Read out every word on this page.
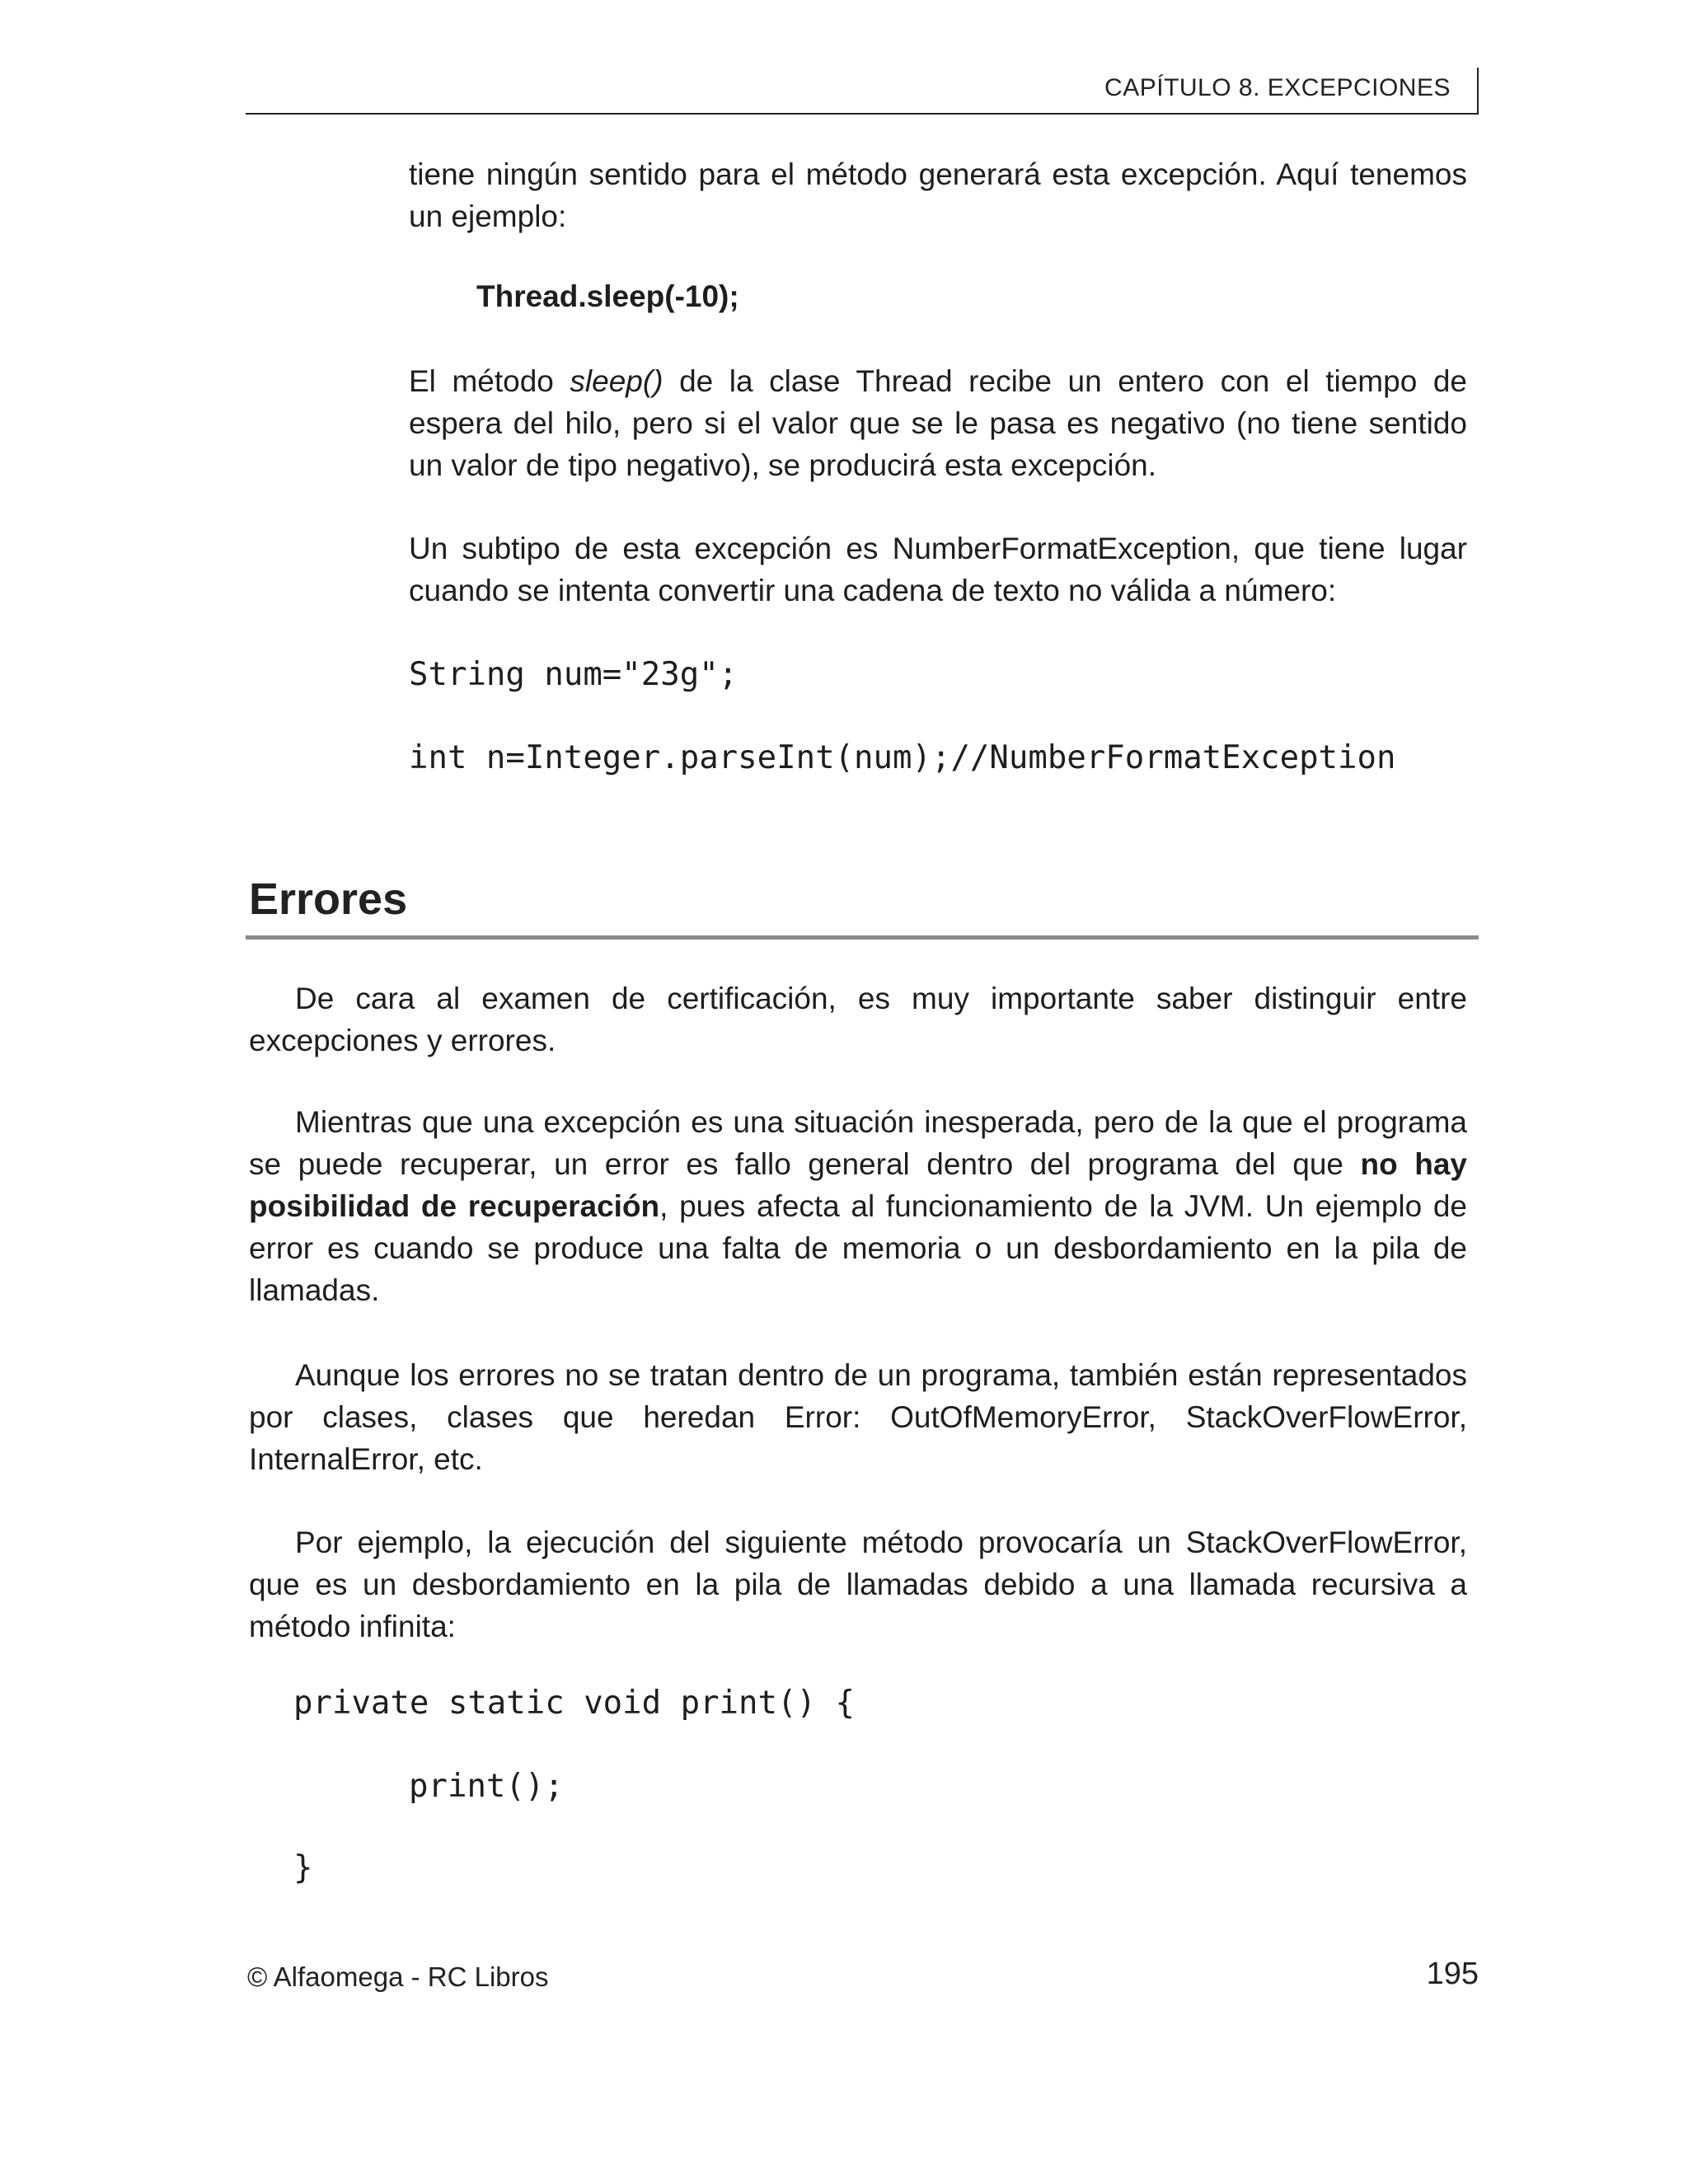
CAPÍTULO 8. EXCEPCIONES

tiene ningún sentido para el método generará esta excepción. Aquí tenemos un ejemplo:

Thread.sleep(-10);

El método sleep() de la clase Thread recibe un entero con el tiempo de espera del hilo, pero si el valor que se le pasa es negativo (no tiene sentido un valor de tipo negativo), se producirá esta excepción.

Un subtipo de esta excepción es NumberFormatException, que tiene lugar cuando se intenta convertir una cadena de texto no válida a número:

String num="23g";

int n=Integer.parseInt(num);//NumberFormatException

Errores

De cara al examen de certificación, es muy importante saber distinguir entre excepciones y errores.

Mientras que una excepción es una situación inesperada, pero de la que el programa se puede recuperar, un error es fallo general dentro del programa del que no hay posibilidad de recuperación, pues afecta al funcionamiento de la JVM. Un ejemplo de error es cuando se produce una falta de memoria o un desbordamiento en la pila de llamadas.

Aunque los errores no se tratan dentro de un programa, también están representados por clases, clases que heredan Error: OutOfMemoryError, StackOverFlowError, InternalError, etc.

Por ejemplo, la ejecución del siguiente método provocaría un StackOverFlowError, que es un desbordamiento en la pila de llamadas debido a una llamada recursiva a método infinita:

private static void print() {

print();

}

© Alfaomega - RC Libros	195
